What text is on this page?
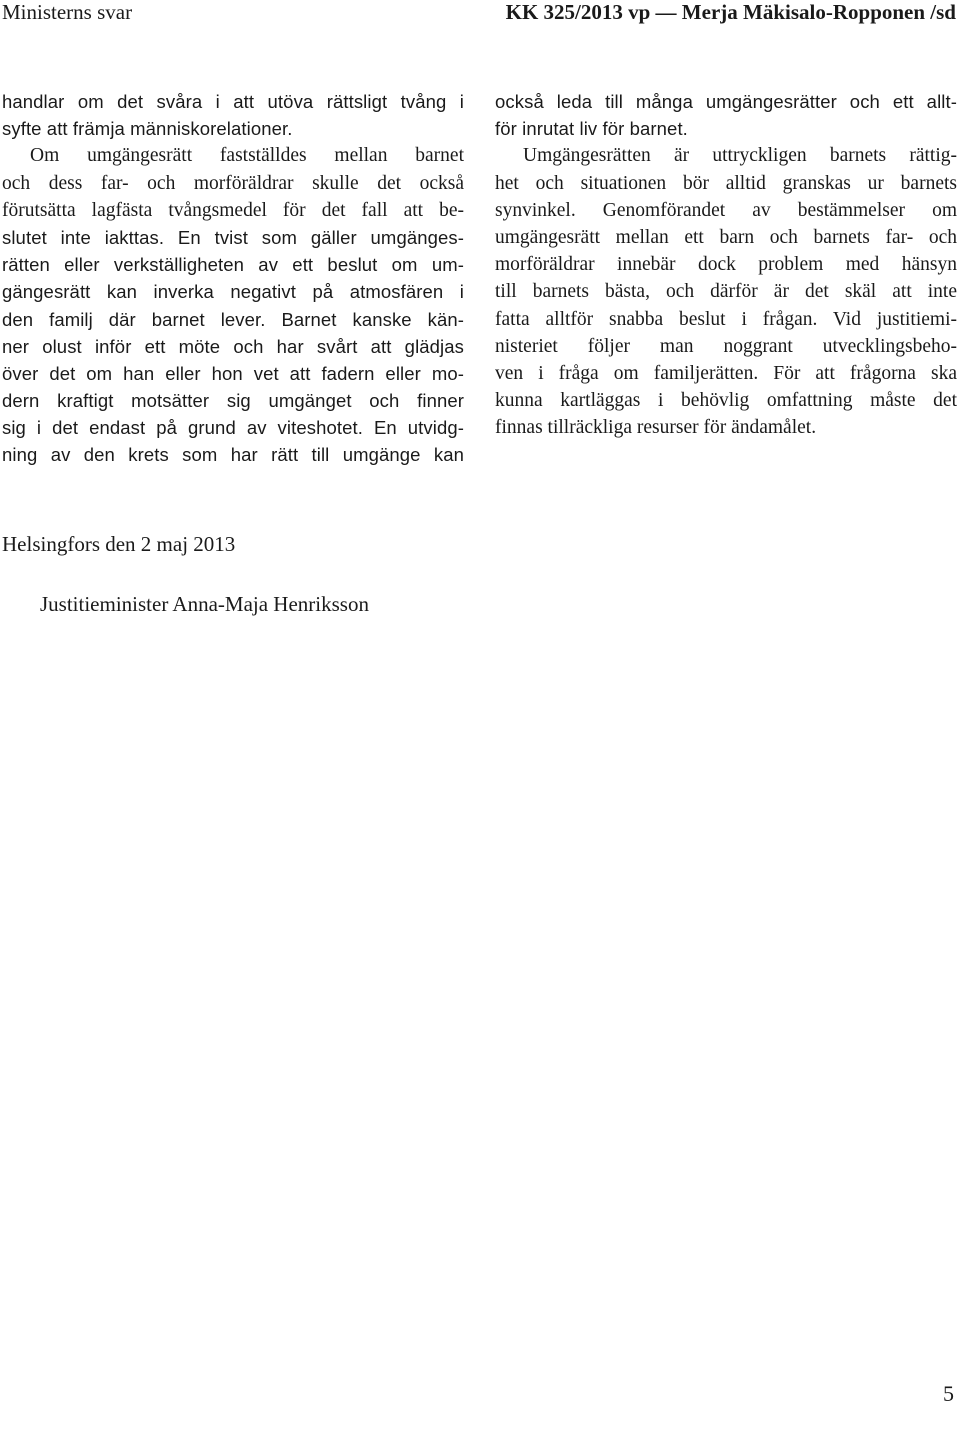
Ministerns svar	KK 325/2013 vp — Merja Mäkisalo-Ropponen /sd
handlar om det svåra i att utöva rättsligt tvång i
syfte att främja människorelationer.
Om umgängesrätt fastställdes mellan barnet
och dess far- och morföräldrar skulle det också
förutsätta lagfästa tvångsmedel för det fall att be-
slutet inte iakttas. En tvist som gäller umgänges-
rätten eller verkställigheten av ett beslut om um-
gängesrätt kan inverka negativt på atmosfären i
den familj där barnet lever. Barnet kanske kän-
ner olust inför ett möte och har svårt att glädjas
över det om han eller hon vet att fadern eller mo-
dern kraftigt motsätter sig umgänget och finner
sig i det endast på grund av viteshotet. En utvidg-
ning av den krets som har rätt till umgänge kan
också leda till många umgängesrätter och ett allt-
för inrutat liv för barnet.
Umgängesrätten är uttryckligen barnets rättig-
het och situationen bör alltid granskas ur barnets
synvinkel. Genomförandet av bestämmelser om
umgängesrätt mellan ett barn och barnets far- och
morföräldrar innebär dock problem med hänsyn
till barnets bästa, och därför är det skäl att inte
fatta alltför snabba beslut i frågan. Vid justitiemi-
nisteriet följer man noggrant utvecklingsbeho-
ven i fråga om familjerätten. För att frågorna ska
kunna kartläggas i behövlig omfattning måste det
finnas tillräckliga resurser för ändamålet.
Helsingfors den 2 maj 2013
Justitieminister Anna-Maja Henriksson
5
